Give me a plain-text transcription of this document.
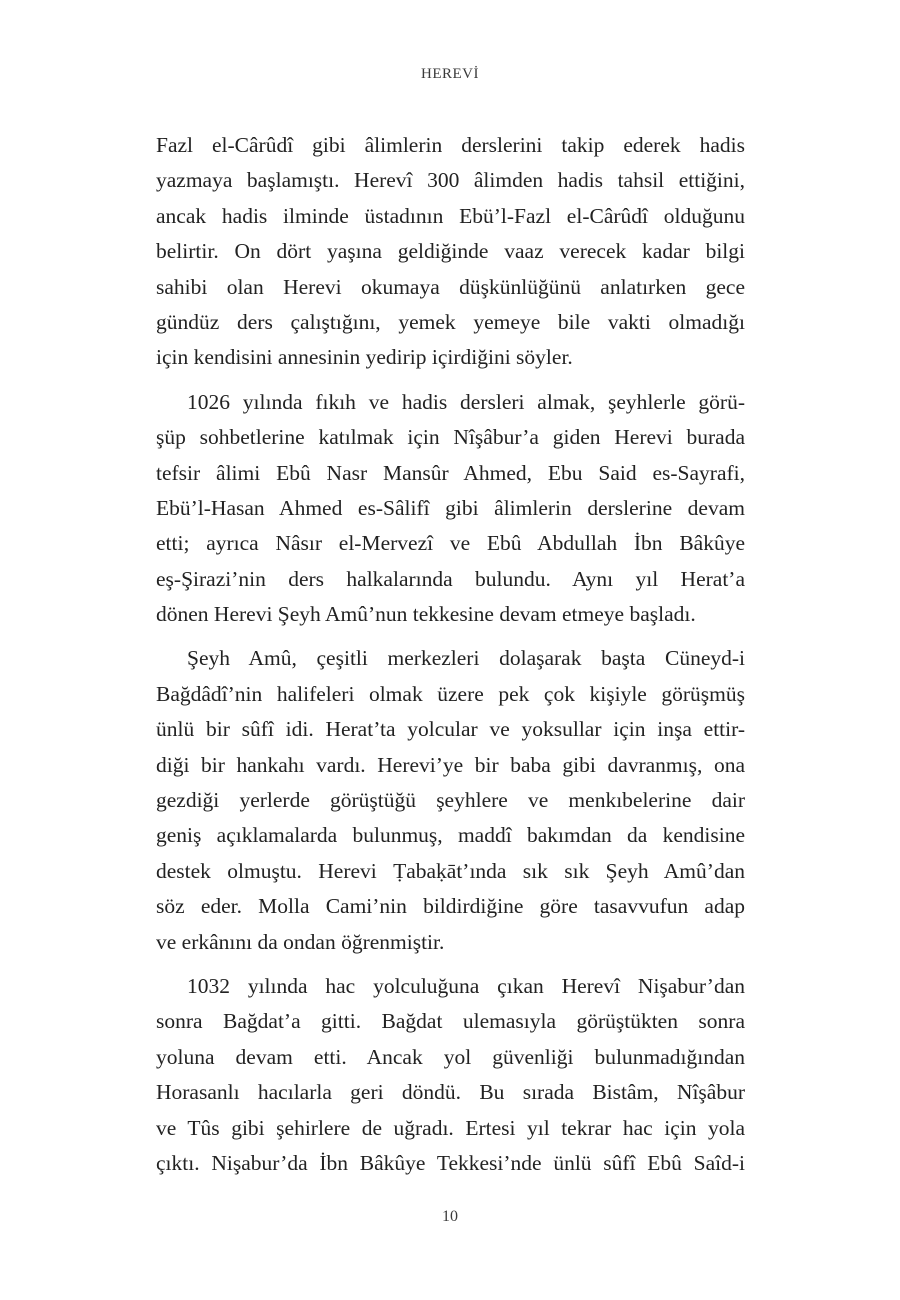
HEREVİ
Fazl el-Cârûdî gibi âlimlerin derslerini takip ederek hadis
yazmaya başlamıştı. Herevî 300 âlimden hadis tahsil ettiğini,
ancak hadis ilminde üstadının Ebü’l-Fazl el-Cârûdî olduğunu
belirtir. On dört yaşına geldiğinde vaaz verecek kadar bilgi
sahibi olan Herevi okumaya düşkünlüğünü anlatırken gece
gündüz ders çalıştığını, yemek yemeye bile vakti olmadığı
için kendisini annesinin yedirip içirdiğini söyler.
1026 yılında fıkıh ve hadis dersleri almak, şeyhlerle görü-
şüp sohbetlerine katılmak için Nîşâbur’a giden Herevi burada
tefsir âlimi Ebû Nasr Mansûr Ahmed, Ebu Said es-Sayrafi,
Ebü’l-Hasan Ahmed es-Sâlifî gibi âlimlerin derslerine devam
etti; ayrıca Nâsır el-Mervezî ve Ebû Abdullah İbn Bâkûye
eş-Şirazi’nin ders halkalarında bulundu. Aynı yıl Herat’a
dönen Herevi Şeyh Amû’nun tekkesine devam etmeye başladı.
Şeyh Amû, çeşitli merkezleri dolaşarak başta Cüneyd-i
Bağdâdî’nin halifeleri olmak üzere pek çok kişiyle görüşmüş
ünlü bir sûfî idi. Herat’ta yolcular ve yoksullar için inşa ettir-
diği bir hankahı vardı. Herevi’ye bir baba gibi davranmış, ona
gezdiği yerlerde görüştüğü şeyhlere ve menkıbelerine dair
geniş açıklamalarda bulunmuş, maddî bakımdan da kendisine
destek olmuştu. Herevi Ṭabaḳāt’ında sık sık Şeyh Amû’dan
söz eder. Molla Cami’nin bildirdiğine göre tasavvufun adap
ve erkânını da ondan öğrenmiştir.
1032 yılında hac yolculuğuna çıkan Herevî Nişabur’dan
sonra Bağdat’a gitti. Bağdat ulemasıyla görüştükten sonra
yoluna devam etti. Ancak yol güvenliği bulunmadığından
Horasanlı hacılarla geri döndü. Bu sırada Bistâm, Nîşâbur
ve Tûs gibi şehirlere de uğradı. Ertesi yıl tekrar hac için yola
çıktı. Nişabur’da İbn Bâkûye Tekkesi’nde ünlü sûfî Ebû Saîd-i
10
